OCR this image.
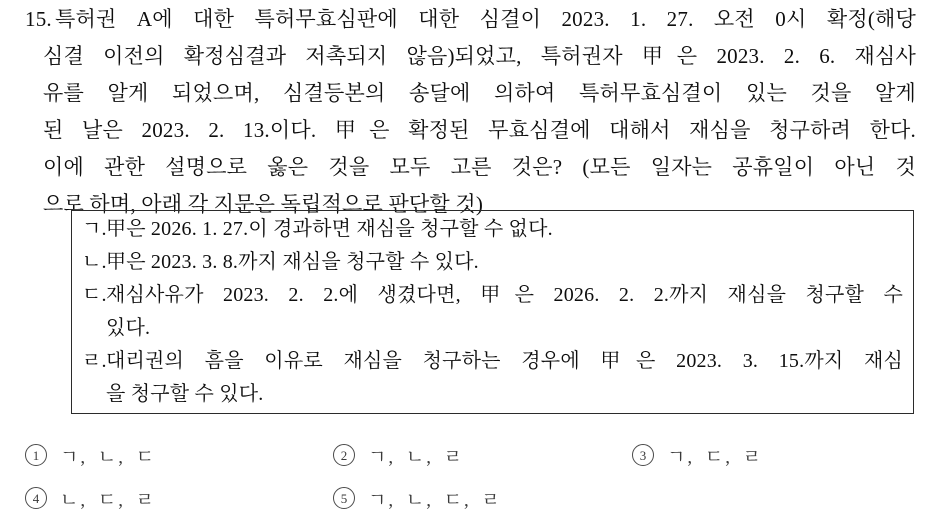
15. 특허권 A에 대한 특허무효심판에 대한 심결이 2023. 1. 27. 오전 0시 확정(해당
심결 이전의 확정심결과 저촉되지 않음)되었고, 특허권자 甲은 2023. 2. 6. 재심사
유를 알게 되었으며, 심결등본의 송달에 의하여 특허무효심결이 있는 것을 알게
된 날은 2023. 2. 13.이다. 甲은 확정된 무효심결에 대해서 재심을 청구하려 한다.
이에 관한 설명으로 옳은 것을 모두 고른 것은? (모든 일자는 공휴일이 아닌 것
으로 하며, 아래 각 지문은 독립적으로 판단할 것)
ㄱ. 甲은 2026. 1. 27.이 경과하면 재심을 청구할 수 없다.
ㄴ. 甲은 2023. 3. 8.까지 재심을 청구할 수 있다.
ㄷ. 재심사유가 2023. 2. 2.에 생겼다면, 甲은 2026. 2. 2.까지 재심을 청구할 수
있다.
ㄹ. 대리권의 흠을 이유로 재심을 청구하는 경우에 甲은 2023. 3. 15.까지 재심
을 청구할 수 있다.
1 ㄱ, ㄴ, ㄷ	2 ㄱ, ㄴ, ㄹ	3 ㄱ, ㄷ, ㄹ
4 ㄴ, ㄷ, ㄹ	5 ㄱ, ㄴ, ㄷ, ㄹ
